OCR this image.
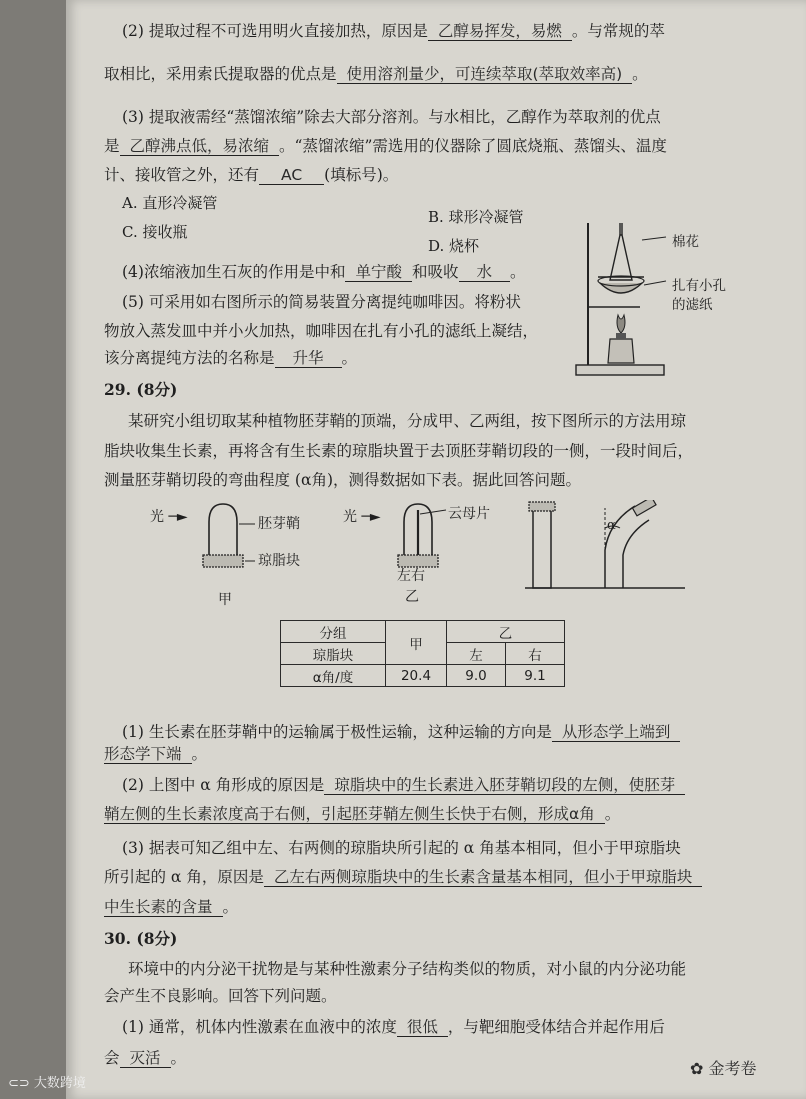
(2) 提取过程不可选用明火直接加热，原因是 乙醇易挥发，易燃 。与常规的萃
取相比，采用索氏提取器的优点是 使用溶剂量少，可连续萃取(萃取效率高) 。
(3) 提取液需经“蒸馏浓缩”除去大部分溶剂。与水相比，乙醇作为萃取剂的优点
是 乙醇沸点低，易浓缩 。“蒸馏浓缩”需选用的仪器除了圆底烧瓶、蒸馏头、温度
计、接收管之外，还有 AC (填标号)。
A. 直形冷凝管
B. 球形冷凝管
C. 接收瓶
D. 烧杯
(4)浓缩液加生石灰的作用是中和 单宁酸 和吸收 水 。
(5) 可采用如右图所示的简易装置分离提纯咖啡因。将粉状
物放入蒸发皿中并小火加热，咖啡因在扎有小孔的滤纸上凝结，
该分离提纯方法的名称是 升华 。
棉花
扎有小孔
的滤纸
29. (8分)
某研究小组切取某种植物胚芽鞘的顶端，分成甲、乙两组，按下图所示的方法用琼
脂块收集生长素，再将含有生长素的琼脂块置于去顶胚芽鞘切段的一侧，一段时间后，
测量胚芽鞘切段的弯曲程度 (α角)，测得数据如下表。据此回答问题。
光 ─►	胚芽鞘
琼脂块
甲
光 ─►	云母片
左右
乙
α
分组	甲	乙	
琼脂块		左	右
α角/度	20.4	9.0	9.1
(1) 生长素在胚芽鞘中的运输属于极性运输，这种运输的方向是 从形态学上端到
形态学下端 。
(2) 上图中 α 角形成的原因是 琼脂块中的生长素进入胚芽鞘切段的左侧，使胚芽
鞘左侧的生长素浓度高于右侧，引起胚芽鞘左侧生长快于右侧，形成α角 。
(3) 据表可知乙组中左、右两侧的琼脂块所引起的 α 角基本相同，但小于甲琼脂块
所引起的 α 角，原因是 乙左右两侧琼脂块中的生长素含量基本相同，但小于甲琼脂块
中生长素的含量 。
30. (8分)
环境中的内分泌干扰物是与某种性激素分子结构类似的物质，对小鼠的内分泌功能
会产生不良影响。回答下列问题。
(1) 通常，机体内性激素在血液中的浓度 很低 ，与靶细胞受体结合并起作用后
会 灭活 。
⊂⊃ 大数跨境
✿ 金考卷
